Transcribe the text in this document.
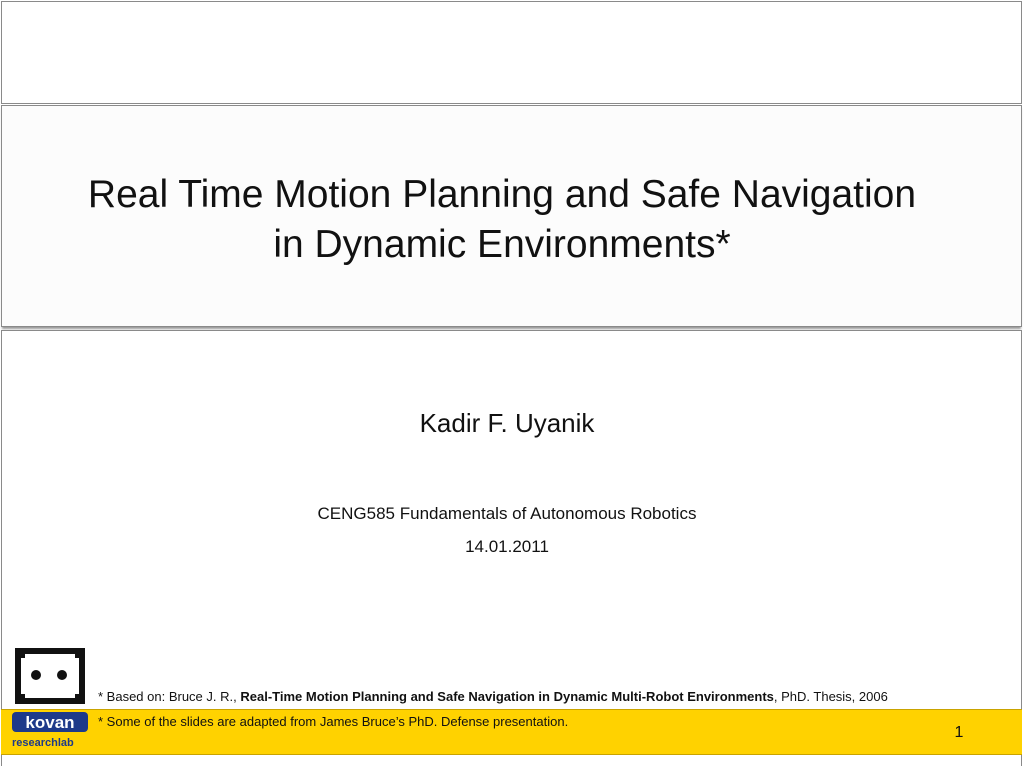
Real Time Motion Planning and Safe Navigation
in Dynamic Environments*
Kadir F. Uyanik
CENG585 Fundamentals of Autonomous Robotics
14.01.2011
* Based on: Bruce J. R., Real-Time Motion Planning and Safe Navigation in Dynamic Multi-Robot Environments, PhD. Thesis, 2006
* Some of the slides are adapted from James Bruce’s PhD. Defense presentation.
1
kovan
researchlab
